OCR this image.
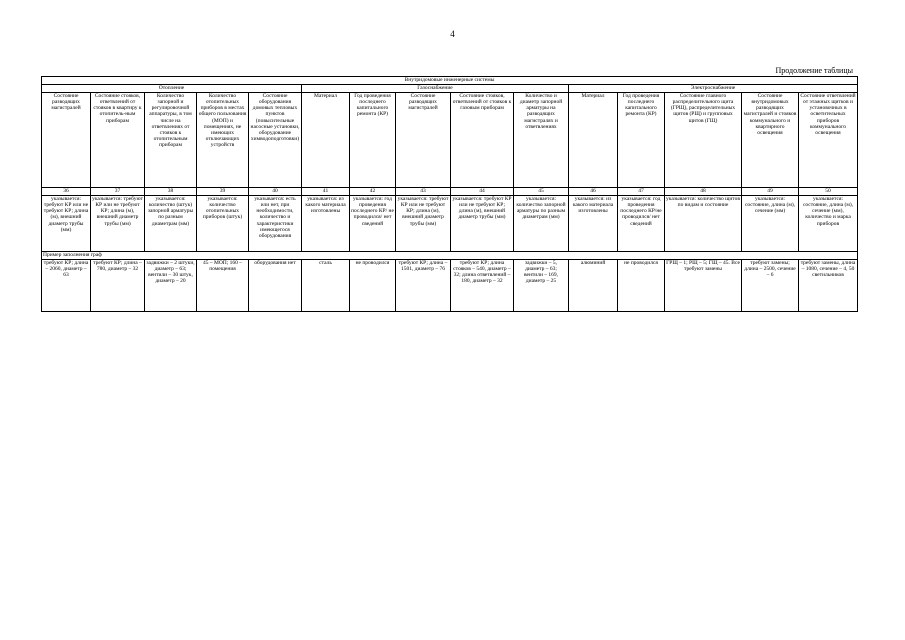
4
Продолжение таблицы
Внутридомовые инженерные системы														
Отопление					Газоснабжение					Электроснабжение				
Состояние разводящих магистралей	Состояние стояков, ответвлений от стояков в квартиру к отопитель-ным приборам	Количество запорной и регулировочной аппаратуры, в том числе на ответвлениях от стояков к отопительным приборам	Количество отопительных приборов в местах общего пользования (МОП) и помещениях, не имеющих отключающих устройств	Состояние оборудования домовых тепловых пунктов (повысительные насосные установки, оборудование химводоподготовки)	Материал	Год проведения последнего капитального ремонта (КР)	Состояние разводящих магистралей	Состояние стояков, ответвлений от стояков к газовым приборам	Количество и диаметр запорной арматуры на разводящих магистралях и ответвлениях	Материал	Год проведения последнего капитального ремонта (КР)	Состояние главного распределительного щита (ГРЩ), распределительных щитов (РЩ) и групповых щитов (ГЩ)	Состояние внутридомовых разводящих магистралей и стояков коммунального и квартирного освещения	Состояние ответвлений от этажных щитков и установочных в осветительных приборов коммунального освещения
36	37	38	39	40	41	42	43	44	45	46	47	48	49	50
указывается: требуют КР или не требуют КР; длина (м), внешний диаметр трубы (мм)	указывается: требуют КР или не требуют КР; длина (м), внешний диаметр трубы (мм)	указывается: количество (штук) запорной арматуры по разным диаметрам (мм)	указывается: количество отопительных приборов (штук)	указывается: есть или нет, при необходимости, количество и характеристики имеющегося оборудования	указывается: из какого материала изготовлены	указывается: год проведения последнего КР/ не проводился/ нет сведений	указывается: требуют КР или не требуют КР; длина (м), внешний диаметр трубы (мм)	указывается: требуют КР или не требуют КР; длина (м), внешний диаметр трубы (мм)	указывается: количество запорной арматуры по разным диаметрам (мм)	указывается: из какого материала изготовлены	указывается: год проведения последнего КР/не проводился/ нет сведений	указывается: количество щитов по видам и состояние	указывается: состояние, длина (м), сечение (мм)	указывается: состояние, длина (м), сечение (мм), количество и марка приборов
Пример заполнения граф														
требуют КР; длина – 2060, диаметр – 63	требуют КР; длина – 780, диаметр – 32	задвижки – 2 штуки, диаметр – 63; вентили – 30 штук, диаметр – 20	45 – МОП; 160 – помещения	оборудования нет	сталь	не проводился	требуют КР; длина – 1501, диаметр – 76	требуют КР; длина стояков – 540, диаметр – 32; длина ответвлений – 180, диаметр – 32	задвижки – 5, диаметр – 63; вентили – 169, диаметр – 25	алюминий	не проводился	ГРЩ – 1; РЩ – 5; ГЩ – 45. Все требуют замены	требуют замены; длина – 2500, сечение – 6	требуют замены, длина – 1080, сечение – 4, 50 светильников
